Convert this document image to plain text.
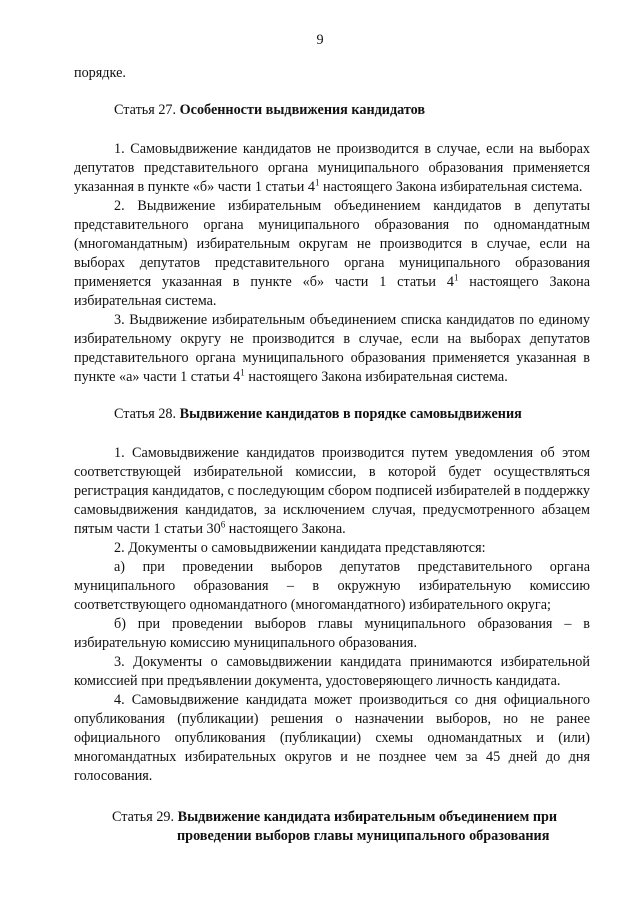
9

порядке.

Статья 27. Особенности выдвижения кандидатов

1. Самовыдвижение кандидатов не производится в случае, если на выборах депутатов представительного органа муниципального образования применяется указанная в пункте «б» части 1 статьи $4^1$ настоящего Закона избирательная система.

2. Выдвижение избирательным объединением кандидатов в депутаты представительного органа муниципального образования по одномандатным (многомандатным) избирательным округам не производится в случае, если на выборах депутатов представительного органа муниципального образования применяется указанная в пункте «б» части 1 статьи $4^1$ настоящего Закона избирательная система.

3. Выдвижение избирательным объединением списка кандидатов по единому избирательному округу не производится в случае, если на выборах депутатов представительного органа муниципального образования применяется указанная в пункте «а» части 1 статьи $4^1$ настоящего Закона избирательная система.

Статья 28. Выдвижение кандидатов в порядке самовыдвижения

1. Самовыдвижение кандидатов производится путем уведомления об этом соответствующей избирательной комиссии, в которой будет осуществляться регистрация кандидатов, с последующим сбором подписей избирателей в поддержку самовыдвижения кандидатов, за исключением случая, предусмотренного абзацем пятым части 1 статьи $30^6$ настоящего Закона.

2. Документы о самовыдвижении кандидата представляются:

а) при проведении выборов депутатов представительного органа муниципального образования – в окружную избирательную комиссию соответствующего одномандатного (многомандатного) избирательного округа;

б) при проведении выборов главы муниципального образования – в избирательную комиссию муниципального образования.

3. Документы о самовыдвижении кандидата принимаются избирательной комиссией при предъявлении документа, удостоверяющего личность кандидата.

4. Самовыдвижение кандидата может производиться со дня официального опубликования (публикации) решения о назначении выборов, но не ранее официального опубликования (публикации) схемы одномандатных и (или) многомандатных избирательных округов и не позднее чем за 45 дней до дня голосования.

Статья 29. Выдвижение кандидата избирательным объединением при
проведении выборов главы муниципального образования
